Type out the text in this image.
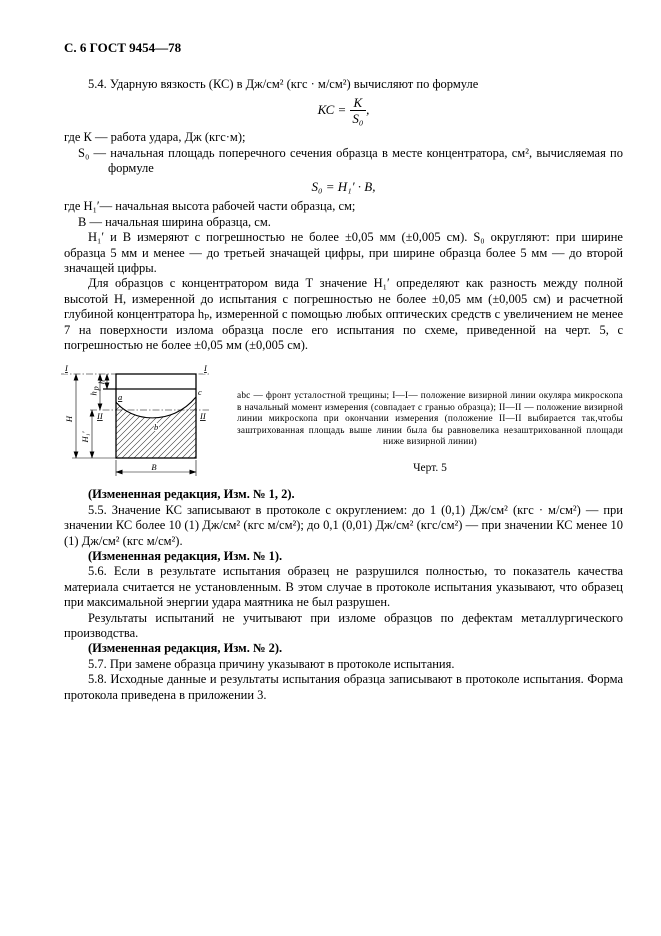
С. 6 ГОСТ 9454—78

5.4. Ударную вязкость (КС) в Дж/см² (кгс · м/см²) вычисляют по формуле

КС = $\frac{К}{\text{S₀}}$ ,

где К — работа удара, Дж (кгс·м);

S₀ — начальная площадь поперечного сечения образца в месте концентратора, см², вычисляемая по формуле

S₀ = H₁′ · В,

где H₁′— начальная высота рабочей части образца, см;

В — начальная ширина образца, см.

H₁′ и В измеряют с погрешностью не более ±0,05 мм (±0,005 см). S₀ округляют: при ширине образца 5 мм и менее — до третьей значащей цифры, при ширине образца более 5 мм — до второй значащей цифры.

Для образцов с концентратором вида Т значение H₁′ определяют как разность между полной высотой H, измеренной до испытания с погрешностью не более ±0,05 мм (±0,005 см) и расчетной глубиной концентратора hₚ, измеренной с помощью любых оптических средств с увеличением не менее 7 на поверхности излома образца после его испытания по схеме, приведенной на черт. 5, с погрешностью не более ±0,05 мм (±0,005 см).

I	I
II	II
a
b
c
H
H₁′
h
р
h
В

abc — фронт усталостной трещины; I—I— положение визирной линии окуляра микроскопа в начальный момент измерения (совпадает с гранью образца); II—II — положение визирной линии микроскопа при окончании измерения (положение II—II выбирается так,чтобы заштрихованная площадь выше линии была бы равновелика незаштрихованной площади ниже визирной линии)

Черт. 5

(Измененная редакция, Изм. № 1, 2).

5.5. Значение КС записывают в протоколе с округлением: до 1 (0,1) Дж/см² (кгс · м/см²) — при значении КС более 10 (1) Дж/см² (кгс м/см²); до 0,1 (0,01) Дж/см² (кгс/см²) — при значении КС менее 10 (1) Дж/см² (кгс м/см²).

(Измененная редакция, Изм. № 1).

5.6. Если в результате испытания образец не разрушился полностью, то показатель качества материала считается не установленным. В этом случае в протоколе испытания указывают, что образец при максимальной энергии удара маятника не был разрушен.

Результаты испытаний не учитывают при изломе образцов по дефектам металлургического производства.

(Измененная редакция, Изм. № 2).

5.7. При замене образца причину указывают в протоколе испытания.

5.8. Исходные данные и результаты испытания образца записывают в протоколе испытания. Форма протокола приведена в приложении 3.
